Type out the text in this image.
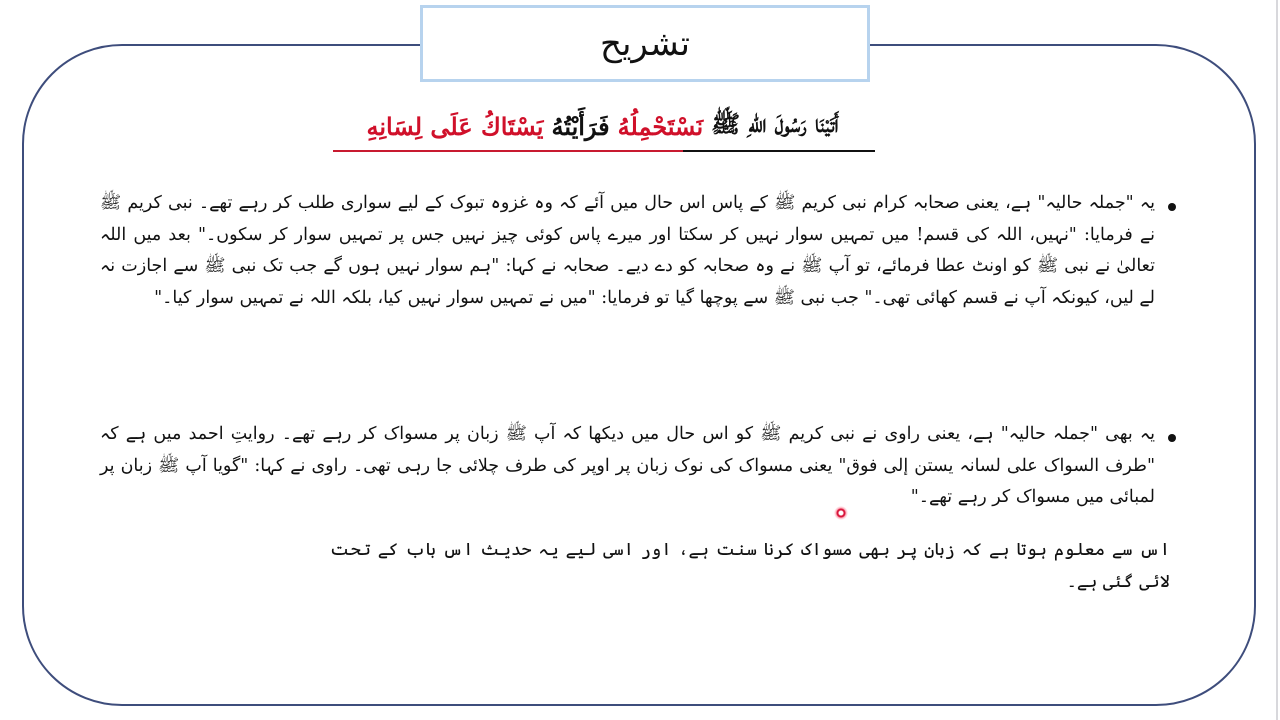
تشریح
أَتَيْنَا رَسُولَ اللّٰهِ ﷺ
نَسْتَحْمِلُهُ
فَرَأَيْتُهُ
يَسْتَاكُ عَلَى لِسَانِهِ
یہ "جملہ حالیہ" ہے، یعنی صحابہ کرام نبی کریم ﷺ کے پاس اس حال میں آئے کہ وہ غزوہ تبوک کے لیے سواری طلب کر رہے تھے۔ نبی کریم ﷺ نے فرمایا: "نہیں، اللہ کی قسم! میں تمہیں سوار نہیں کر سکتا اور میرے پاس کوئی چیز نہیں جس پر تمہیں سوار کر سکوں۔" بعد میں اللہ تعالیٰ نے نبی ﷺ کو اونٹ عطا فرمائے، تو آپ ﷺ نے وہ صحابہ کو دے دیے۔ صحابہ نے کہا: "ہم سوار نہیں ہوں گے جب تک نبی ﷺ سے اجازت نہ لے لیں، کیونکہ آپ نے قسم کھائی تھی۔" جب نبی ﷺ سے پوچھا گیا تو فرمایا: "میں نے تمہیں سوار نہیں کیا، بلکہ اللہ نے تمہیں سوار کیا۔"
یہ بھی "جملہ حالیہ" ہے، یعنی راوی نے نبی کریم ﷺ کو اس حال میں دیکھا کہ آپ ﷺ زبان پر مسواک کر رہے تھے۔ روایتِ احمد میں ہے کہ "طرف السواک علی لسانہ یستن إلی فوق" یعنی مسواک کی نوک زبان پر اوپر کی طرف چلائی جا رہی تھی۔ راوی نے کہا: "گویا آپ ﷺ زبان پر لمبائی میں مسواک کر رہے تھے۔"
اس سے معلوم ہوتا ہے کہ زبان پر بھی مسواک کرنا سنت ہے، اور اسی لیے یہ حدیث اس باب کے تحت لائی گئی ہے۔
